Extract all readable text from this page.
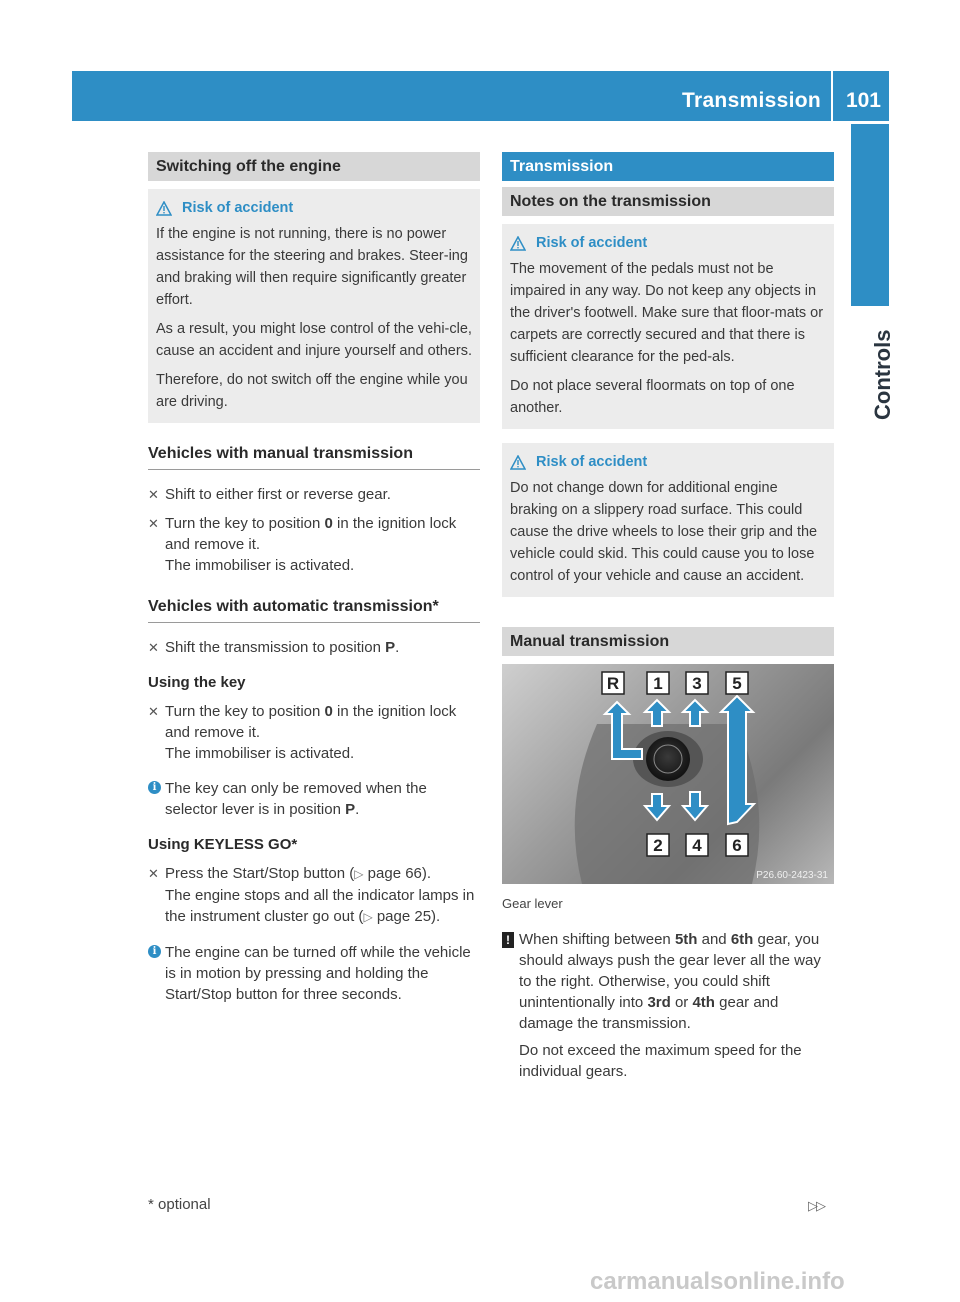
Transmission 101
Controls
Switching off the engine
Risk of accident

If the engine is not running, there is no power assistance for the steering and brakes. Steer-ing and braking will then require significantly greater effort.

As a result, you might lose control of the vehi-cle, cause an accident and injure yourself and others.

Therefore, do not switch off the engine while you are driving.

Vehicles with manual transmission
✕ Shift to either first or reverse gear.
✕ Turn the key to position 0 in the ignition lock and remove it.
The immobiliser is activated.
Vehicles with automatic transmission*
✕ Shift the transmission to position P.
Using the key
✕ Turn the key to position 0 in the ignition lock and remove it.
The immobiliser is activated.
i The key can only be removed when the selector lever is in position P.
Using KEYLESS GO*
✕ Press the Start/Stop button (▷ page 66).
The engine stops and all the indicator lamps in the instrument cluster go out (▷ page 25).
i The engine can be turned off while the vehicle is in motion by pressing and holding the Start/Stop button for three seconds.
Transmission
Notes on the transmission
Risk of accident

The movement of the pedals must not be impaired in any way. Do not keep any objects in the driver's footwell. Make sure that floor-mats or carpets are correctly secured and that there is sufficient clearance for the ped-als.

Do not place several floormats on top of one another.

Risk of accident

Do not change down for additional engine braking on a slippery road surface. This could cause the drive wheels to lose their grip and the vehicle could skid. This could cause you to lose control of your vehicle and cause an accident.

Manual transmission
R 1 3 5
2 4 6
P26.60-2423-31
Gear lever
! When shifting between 5th and 6th gear, you should always push the gear lever all the way to the right. Otherwise, you could shift unintentionally into 3rd or 4th gear and damage the transmission.

Do not exceed the maximum speed for the individual gears.

* optional	▷▷
carmanualsonline.info
